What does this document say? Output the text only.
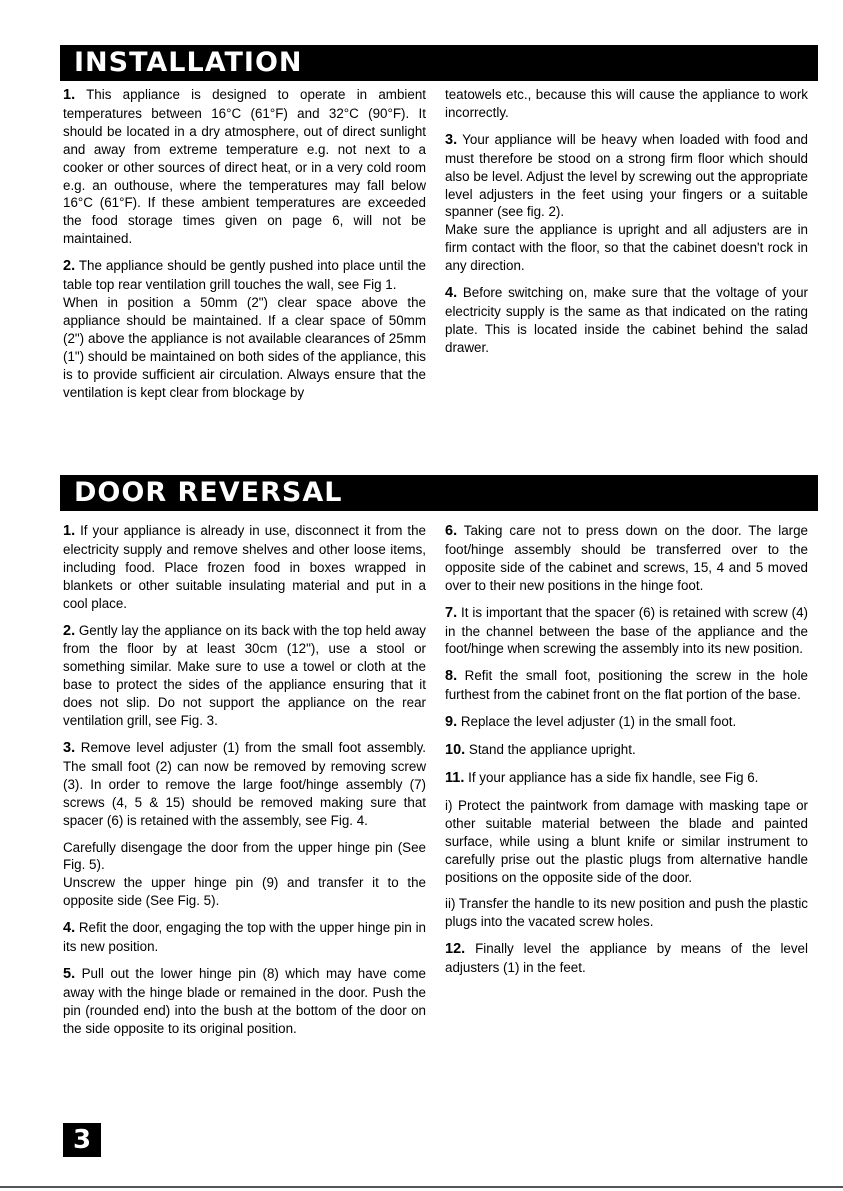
INSTALLATION

1. This appliance is designed to operate in ambient temperatures between 16°C (61°F) and 32°C (90°F). It should be located in a dry atmosphere, out of direct sunlight and away from extreme temperature e.g. not next to a cooker or other sources of direct heat, or in a very cold room e.g. an outhouse, where the temperatures may fall below 16°C (61°F). If these ambient temperatures are exceeded the food storage times given on page 6, will not be maintained.

2. The appliance should be gently pushed into place until the table top rear ventilation grill touches the wall, see Fig 1.

When in position a 50mm (2") clear space above the appliance should be maintained. If a clear space of 50mm (2") above the appliance is not available clearances of 25mm (1") should be maintained on both sides of the appliance, this is to provide sufficient air circulation. Always ensure that the ventilation is kept clear from blockage by

teatowels etc., because this will cause the appliance to work incorrectly.

3. Your appliance will be heavy when loaded with food and must therefore be stood on a strong firm floor which should also be level. Adjust the level by screwing out the appropriate level adjusters in the feet using your fingers or a suitable spanner (see fig. 2).

Make sure the appliance is upright and all adjusters are in firm contact with the floor, so that the cabinet doesn't rock in any direction.

4. Before switching on, make sure that the voltage of your electricity supply is the same as that indicated on the rating plate. This is located inside the cabinet behind the salad drawer.

DOOR REVERSAL

1. If your appliance is already in use, disconnect it from the electricity supply and remove shelves and other loose items, including food. Place frozen food in boxes wrapped in blankets or other suitable insulating material and put in a cool place.

2. Gently lay the appliance on its back with the top held away from the floor by at least 30cm (12"), use a stool or something similar. Make sure to use a towel or cloth at the base to protect the sides of the appliance ensuring that it does not slip. Do not support the appliance on the rear ventilation grill, see Fig. 3.

3. Remove level adjuster (1) from the small foot assembly. The small foot (2) can now be removed by removing screw (3). In order to remove the large foot/hinge assembly (7) screws (4, 5 & 15) should be removed making sure that spacer (6) is retained with the assembly, see Fig. 4.

Carefully disengage the door from the upper hinge pin (See Fig. 5).

Unscrew the upper hinge pin (9) and transfer it to the opposite side (See Fig. 5).

4. Refit the door, engaging the top with the upper hinge pin in its new position.

5. Pull out the lower hinge pin (8) which may have come away with the hinge blade or remained in the door. Push the pin (rounded end) into the bush at the bottom of the door on the side opposite to its original position.

6. Taking care not to press down on the door. The large foot/hinge assembly should be transferred over to the opposite side of the cabinet and screws, 15, 4 and 5 moved over to their new positions in the hinge foot.

7. It is important that the spacer (6) is retained with screw (4) in the channel between the base of the appliance and the foot/hinge when screwing the assembly into its new position.

8. Refit the small foot, positioning the screw in the hole furthest from the cabinet front on the flat portion of the base.

9. Replace the level adjuster (1) in the small foot.

10. Stand the appliance upright.

11. If your appliance has a side fix handle, see Fig 6.

i) Protect the paintwork from damage with masking tape or other suitable material between the blade and painted surface, while using a blunt knife or similar instrument to carefully prise out the plastic plugs from alternative handle positions on the opposite side of the door.

ii) Transfer the handle to its new position and push the plastic plugs into the vacated screw holes.

12. Finally level the appliance by means of the level adjusters (1) in the feet.

3
